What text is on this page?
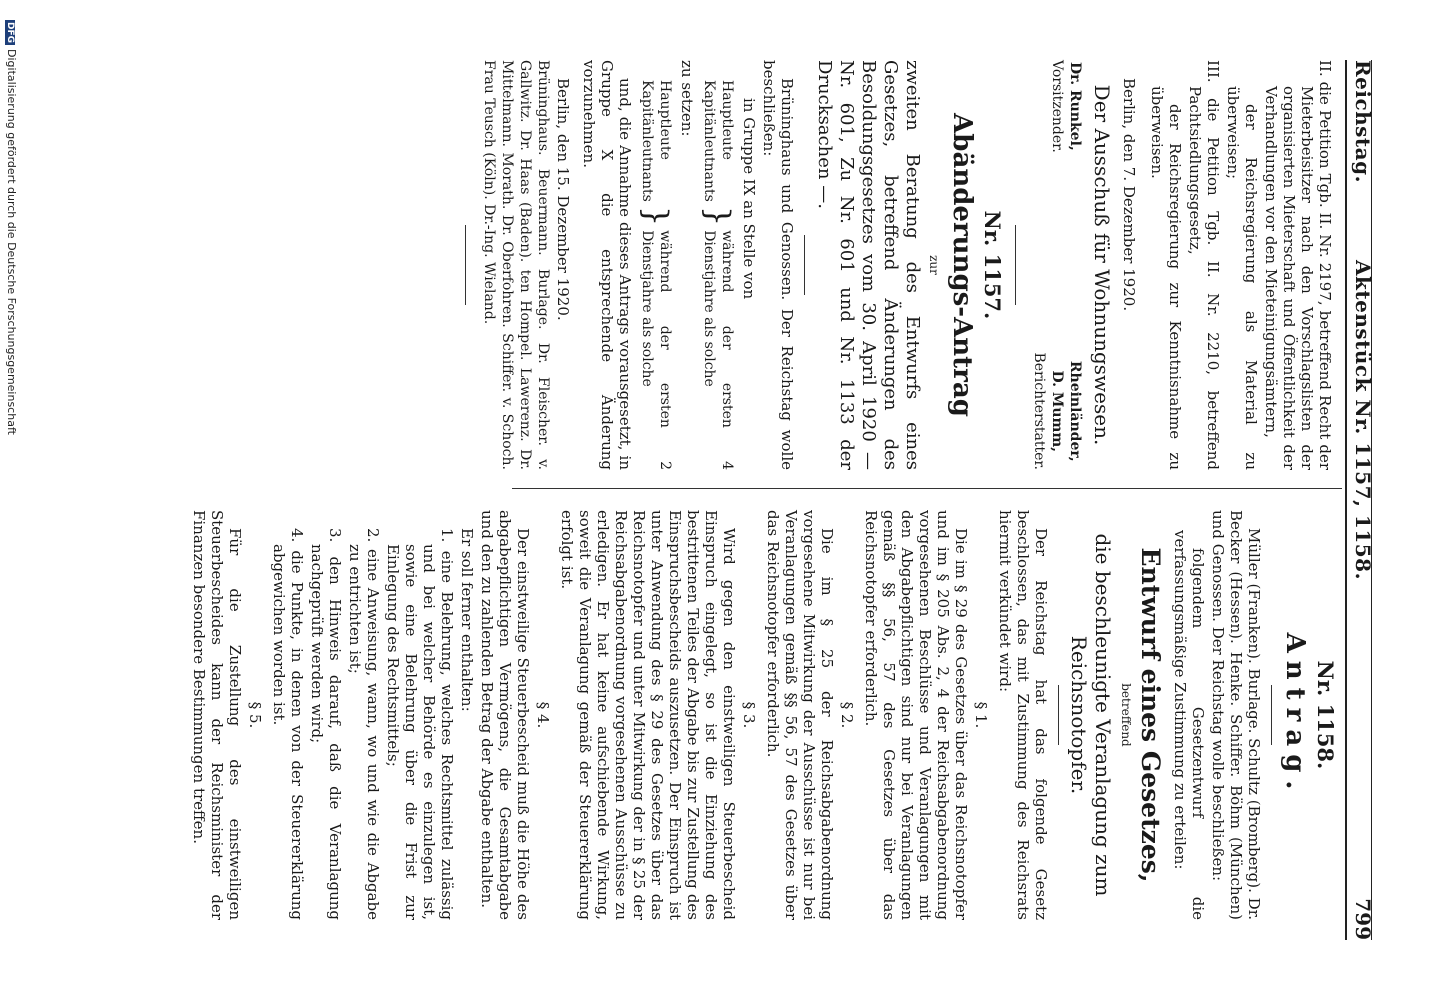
Reichstag.
Aktenstück Nr. 1157, 1158.
799

II. die Petition Tgb. II. Nr. 2197, betreffend Recht der Mieterbeisitzer nach den Vorschlagslisten der organisierten Mieterschaft und Öffentlichkeit der Verhandlungen vor den Mieteinigungsämtern,

der Reichsregierung als Material zu überweisen;

III. die Petition Tgb. II. Nr. 2210, betreffend Pachtsiedlungsgesetz,

der Reichsregierung zur Kenntnisnahme zu überweisen.

Berlin, den 7. Dezember 1920.

Der Ausschuß für Wohnungswesen.

Dr. Runkel,
Vorsitzender.
Rheinländer,
D. Mumm,
Berichterstatter.

Nr. 1157.

Abänderungs-Antrag

zur

zweiten Beratung des Entwurfs eines Gesetzes, betreffend Änderungen des Besoldungsgesetzes vom 30. April 1920 — Nr. 601, Zu Nr. 601 und Nr. 1133 der Drucksachen —.

Brüninghaus und Genossen. Der Reichstag wolle beschließen:

in Gruppe IX an Stelle von

Hauptleute
Kapitänleutnants
}
während der ersten 4 Dienstjahre als solche

zu setzen:

Hauptleute
Kapitänleutnants
}
während der ersten 2 Dienstjahre als solche

und, die Annahme dieses Antrags vorausgesetzt, in Gruppe X die entsprechende Änderung vorzunehmen.

Berlin, den 15. Dezember 1920.

Brüninghaus. Beuermann. Burlage. Dr. Fleischer. v. Gallwitz. Dr. Haas (Baden). ten Hompel. Lawerenz. Dr. Mittelmann. Morath. Dr. Oberfohren. Schiffer. v. Schoch. Frau Teusch (Köln). Dr.-Ing. Wieland.

Nr. 1158.

Antrag.

Müller (Franken). Burlage. Schultz (Bromberg). Dr. Becker (Hessen). Henke. Schiffer. Böhm (München) und Genossen. Der Reichstag wolle beschließen:

folgendem Gesetzentwurf die verfassungsmäßige Zustimmung zu erteilen:

Entwurf eines Gesetzes,

betreffend

die beschleunigte Veranlagung zum Reichsnotopfer.

Der Reichstag hat das folgende Gesetz beschlossen, das mit Zustimmung des Reichsrats hiermit verkündet wird:

§ 1.

Die im § 29 des Gesetzes über das Reichsnotopfer und im § 205 Abs. 2, 4 der Reichsabgabenordnung vorgesehenen Beschlüsse und Veranlagungen mit den Abgabepflichtigen sind nur bei Veranlagungen gemäß §§ 56, 57 des Gesetzes über das Reichsnotopfer erforderlich.

§ 2.

Die im § 25 der Reichsabgabenordnung vorgesehene Mitwirkung der Ausschüsse ist nur bei Veranlagungen gemäß §§ 56, 57 des Gesetzes über das Reichsnotopfer erforderlich.

§ 3.

Wird gegen den einstweiligen Steuerbescheid Einspruch eingelegt, so ist die Einziehung des bestrittenen Teiles der Abgabe bis zur Zustellung des Einspruchsbescheids auszusetzen. Der Einspruch ist unter Anwendung des § 29 des Gesetzes über das Reichsnotopfer und unter Mitwirkung der in § 25 der Reichsabgabenordnung vorgesehenen Ausschüsse zu erledigen. Er hat keine aufschiebende Wirkung, soweit die Veranlagung gemäß der Steuererklärung erfolgt ist.

§ 4.

Der einstweilige Steuerbescheid muß die Höhe des abgabepflichtigen Vermögens, die Gesamtabgabe und den zu zahlenden Betrag der Abgabe enthalten.

Er soll ferner enthalten:

1. eine Belehrung, welches Rechtsmittel zulässig und bei welcher Behörde es einzulegen ist, sowie eine Belehrung über die Frist zur Einlegung des Rechtsmittels;

2. eine Anweisung, wann, wo und wie die Abgabe zu entrichten ist;

3. den Hinweis darauf, daß die Veranlagung nachgeprüft werden wird;

4. die Punkte, in denen von der Steuererklärung abgewichen worden ist.

§ 5.

Für die Zustellung des einstweiligen Steuerbescheides kann der Reichsminister der Finanzen besondere Bestimmungen treffen.

DFGDigitalisierung gefördert durch die Deutsche Forschungsgemeinschaft
